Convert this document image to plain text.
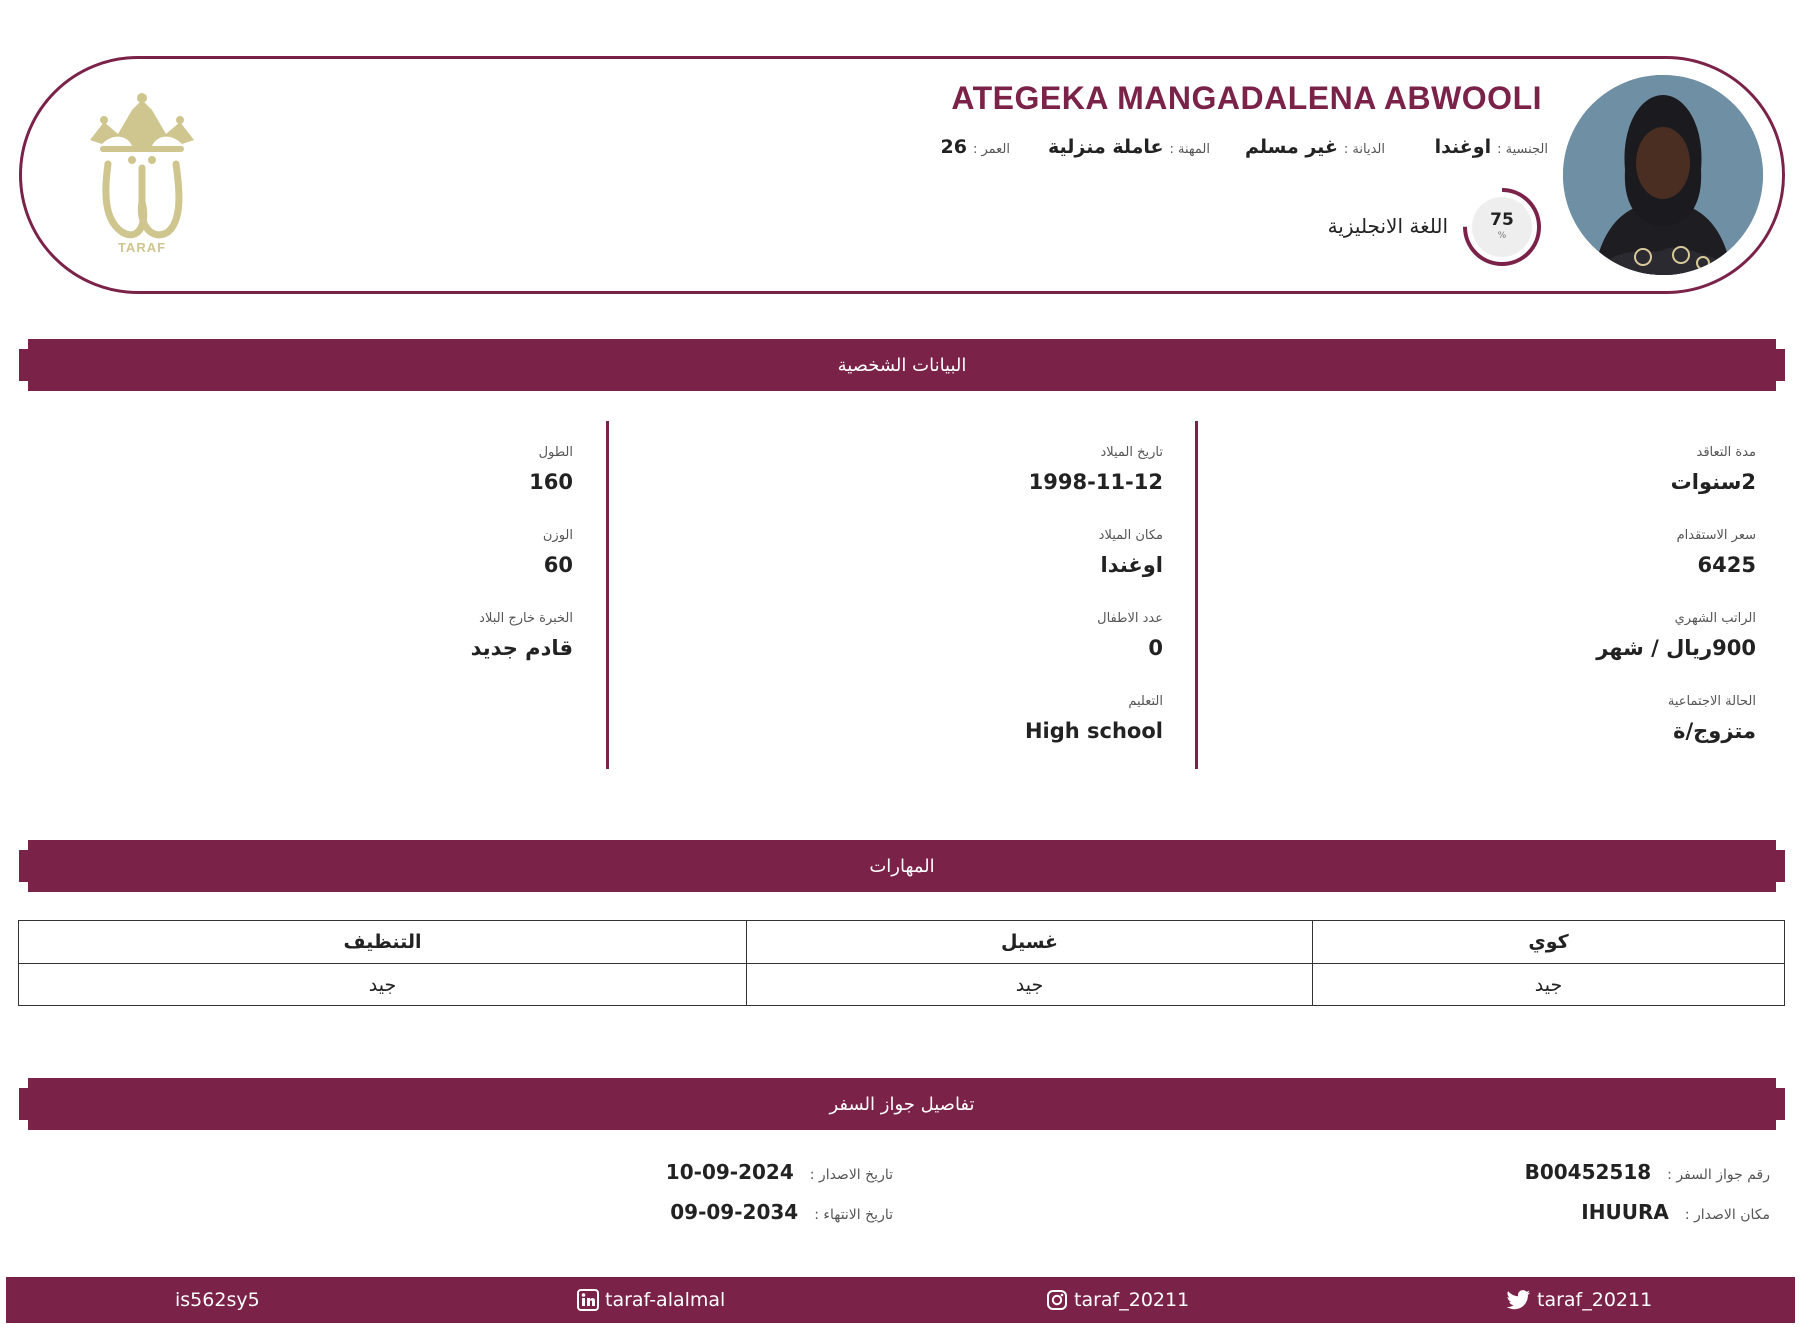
ATEGEKA MANGADALENA ABWOOLI
الجنسية :اوغندا
الديانة :غير مسلم
المهنة :عاملة منزلية
العمر :26
75
%
اللغة الانجليزية
TARAF
البيانات الشخصية
مدة التعاقد
2سنوات
سعر الاستقدام
6425
الراتب الشهري
900ريال / شهر
الحالة الاجتماعية
متزوج/ة
تاريخ الميلاد
1998-11-12
مكان الميلاد
اوغندا
عدد الاطفال
0
التعليم
High school
الطول
160
الوزن
60
الخبرة خارج البلاد
قادم جديد
المهارات
كوي	غسيل	التنظيف
جيد	جيد	جيد
تفاصيل جواز السفر
رقم جواز السفر :B00452518
مكان الاصدار :IHUURA
تاريخ الاصدار :2024-09-10
تاريخ الانتهاء :2034-09-09
is562sy5	taraf-alalmal	taraf_20211	taraf_20211
